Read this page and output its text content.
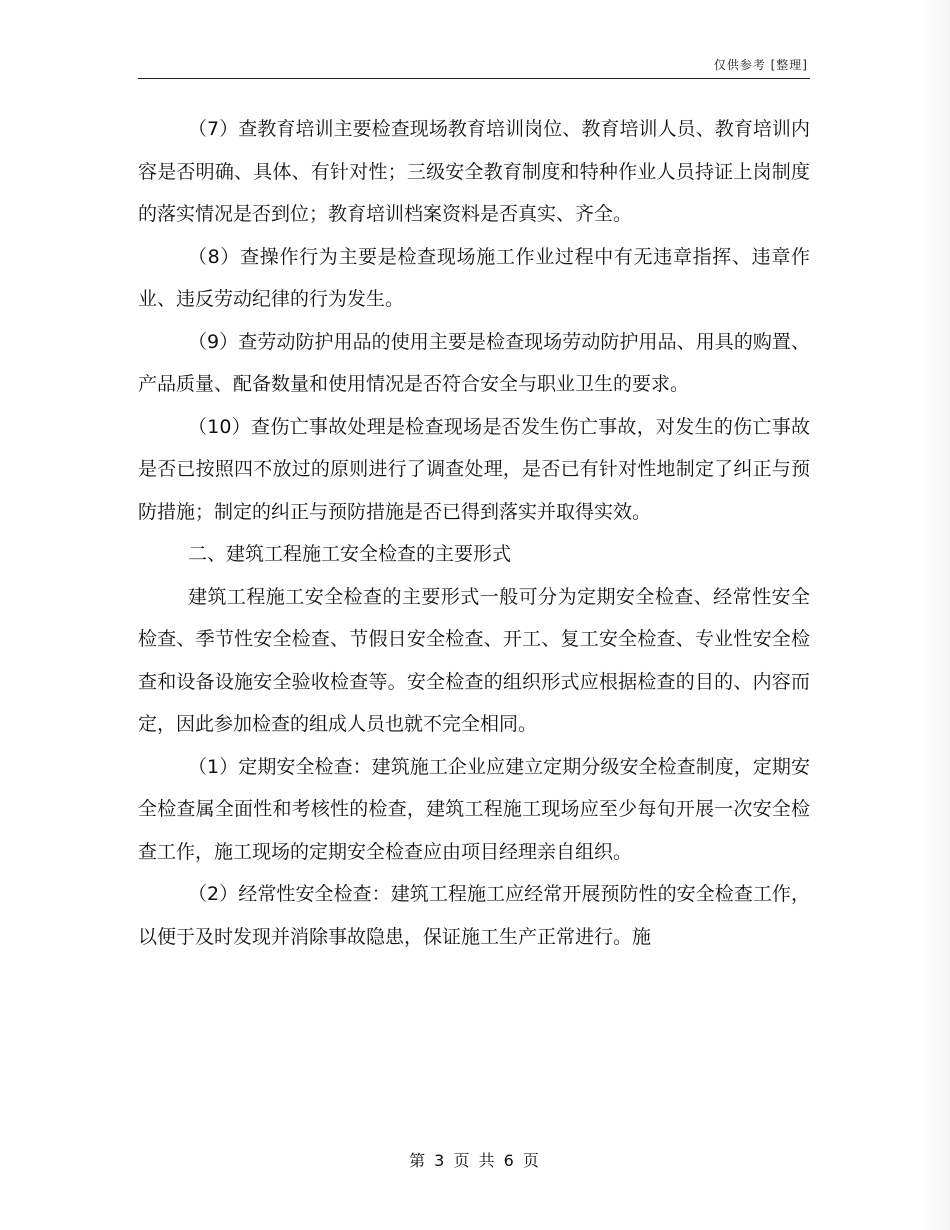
仅供参考 [整理]

（7）查教育培训主要检查现场教育培训岗位、教育培训人员、教育培训内容是否明确、具体、有针对性；三级安全教育制度和特种作业人员持证上岗制度的落实情况是否到位；教育培训档案资料是否真实、齐全。

（8）查操作行为主要是检查现场施工作业过程中有无违章指挥、违章作业、违反劳动纪律的行为发生。

（9）查劳动防护用品的使用主要是检查现场劳动防护用品、用具的购置、产品质量、配备数量和使用情况是否符合安全与职业卫生的要求。

（10）查伤亡事故处理是检查现场是否发生伤亡事故，对发生的伤亡事故是否已按照四不放过的原则进行了调查处理，是否已有针对性地制定了纠正与预防措施；制定的纠正与预防措施是否已得到落实并取得实效。

二、建筑工程施工安全检查的主要形式

建筑工程施工安全检查的主要形式一般可分为定期安全检查、经常性安全检查、季节性安全检查、节假日安全检查、开工、复工安全检查、专业性安全检查和设备设施安全验收检查等。安全检查的组织形式应根据检查的目的、内容而定，因此参加检查的组成人员也就不完全相同。

（1）定期安全检查：建筑施工企业应建立定期分级安全检查制度，定期安全检查属全面性和考核性的检查，建筑工程施工现场应至少每旬开展一次安全检查工作，施工现场的定期安全检查应由项目经理亲自组织。

（2）经常性安全检查：建筑工程施工应经常开展预防性的安全检查工作，以便于及时发现并消除事故隐患，保证施工生产正常进行。施

第 3 页 共 6 页
